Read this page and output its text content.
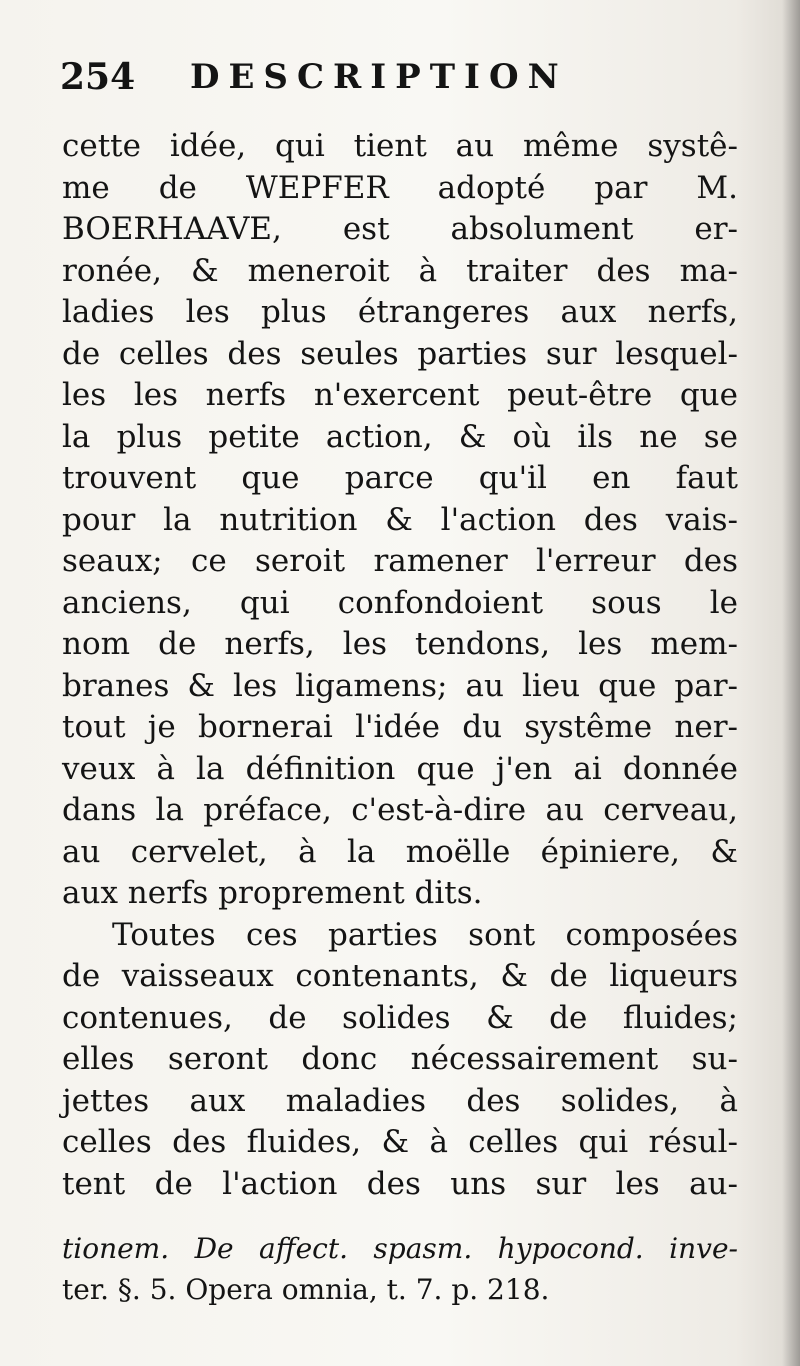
254 DESCRIPTION
cette idée, qui tient au même systê-
me de WEPFER adopté par M.
BOERHAAVE, est absolument er-
ronée, & meneroit à traiter des ma-
ladies les plus étrangeres aux nerfs,
de celles des seules parties sur lesquel-
les les nerfs n'exercent peut-être que
la plus petite action, & où ils ne se
trouvent que parce qu'il en faut
pour la nutrition & l'action des vais-
seaux; ce seroit ramener l'erreur des
anciens, qui confondoient sous le
nom de nerfs, les tendons, les mem-
branes & les ligamens; au lieu que par-
tout je bornerai l'idée du systême ner-
veux à la définition que j'en ai donnée
dans la préface, c'est-à-dire au cerveau,
au cervelet, à la moëlle épiniere, &
aux nerfs proprement dits.
Toutes ces parties sont composées
de vaisseaux contenants, & de liqueurs
contenues, de solides & de fluides;
elles seront donc nécessairement su-
jettes aux maladies des solides, à
celles des fluides, & à celles qui résul-
tent de l'action des uns sur les au-
tionem. De affect. spasm. hypocond. inve-
ter. §. 5. Opera omnia, t. 7. p. 218.
